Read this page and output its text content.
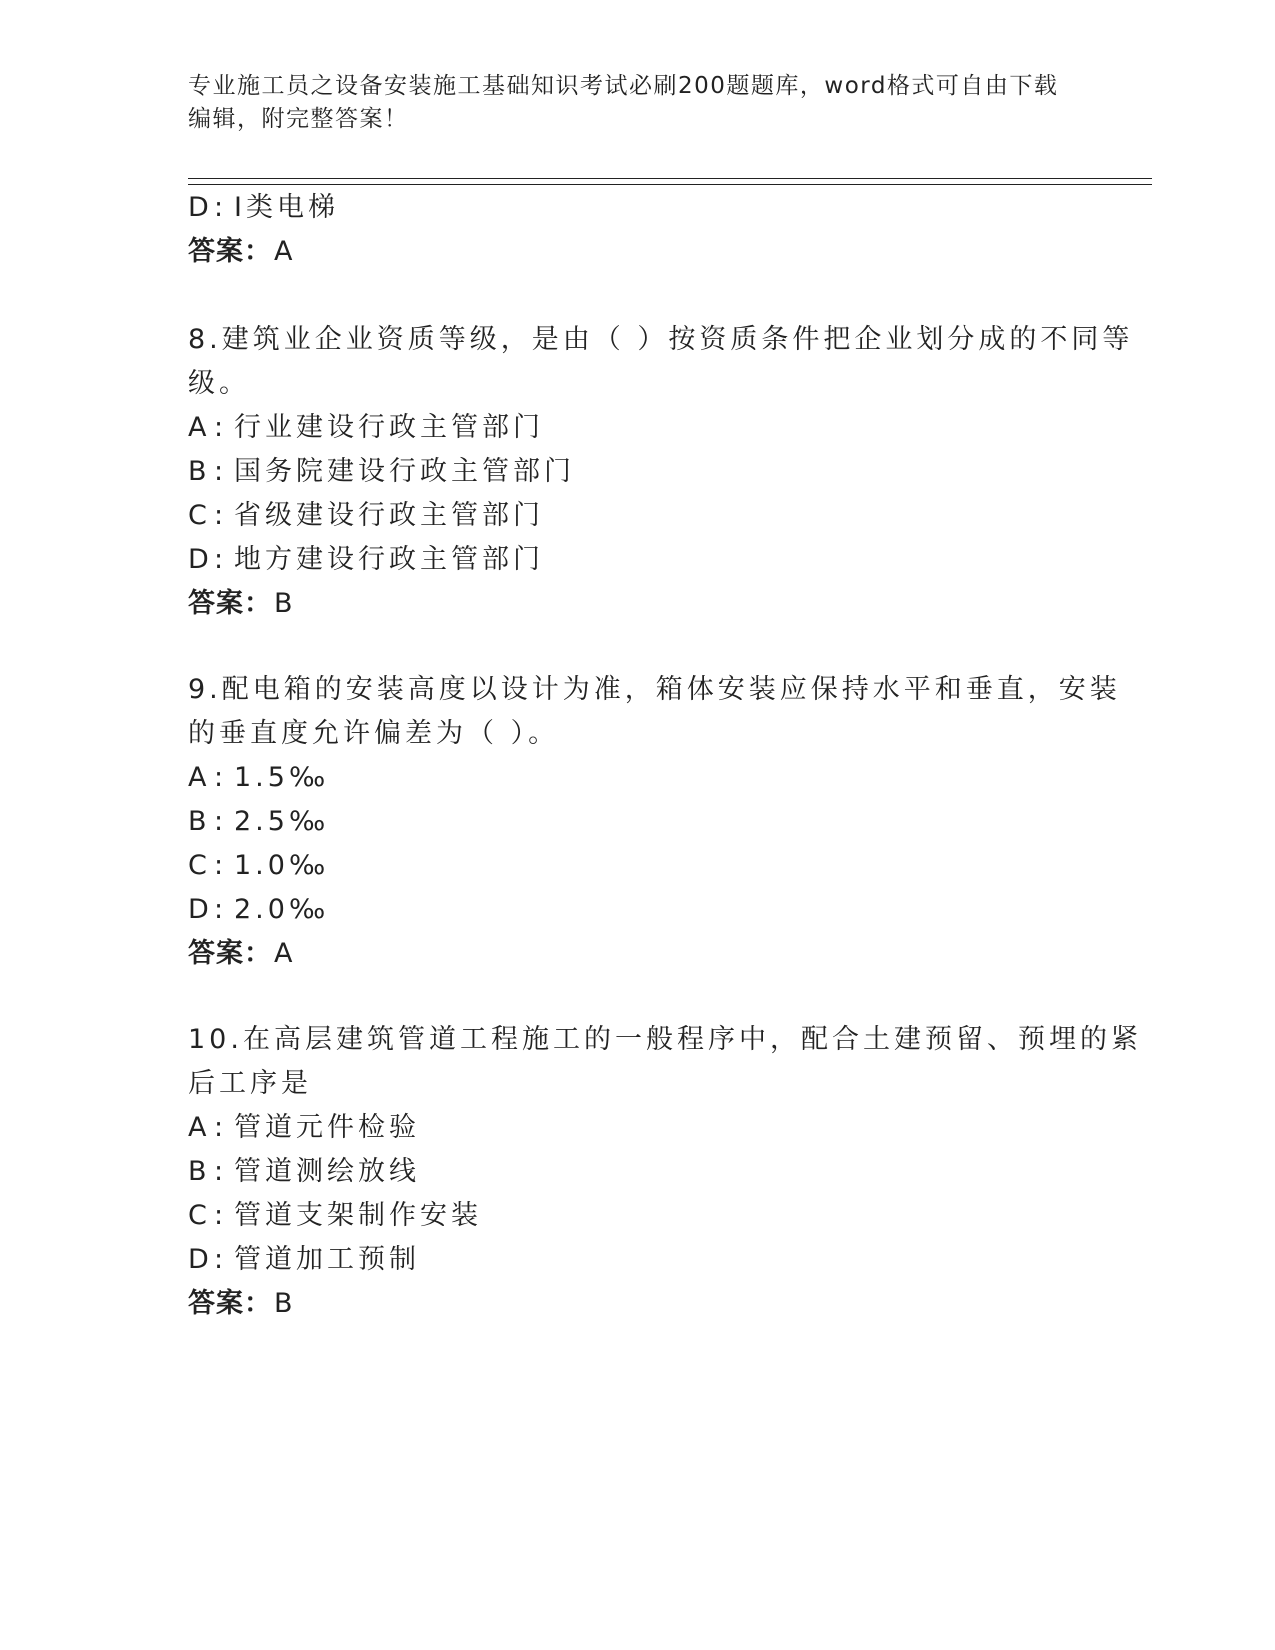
专业施工员之设备安装施工基础知识考试必刷200题题库，word格式可自由下载
编辑，附完整答案！
D : Ⅰ类电梯
答案：A
8.建筑业企业资质等级，是由（ ）按资质条件把企业划分成的不同等
级。
A : 行业建设行政主管部门
B : 国务院建设行政主管部门
C : 省级建设行政主管部门
D : 地方建设行政主管部门
答案：B
9.配电箱的安装高度以设计为准，箱体安装应保持水平和垂直，安装
的垂直度允许偏差为（ ）。
A : 1.5‰
B : 2.5‰
C : 1.0‰
D : 2.0‰
答案：A
10.在高层建筑管道工程施工的一般程序中，配合土建预留、预埋的紧
后工序是
A : 管道元件检验
B : 管道测绘放线
C : 管道支架制作安装
D : 管道加工预制
答案：B
